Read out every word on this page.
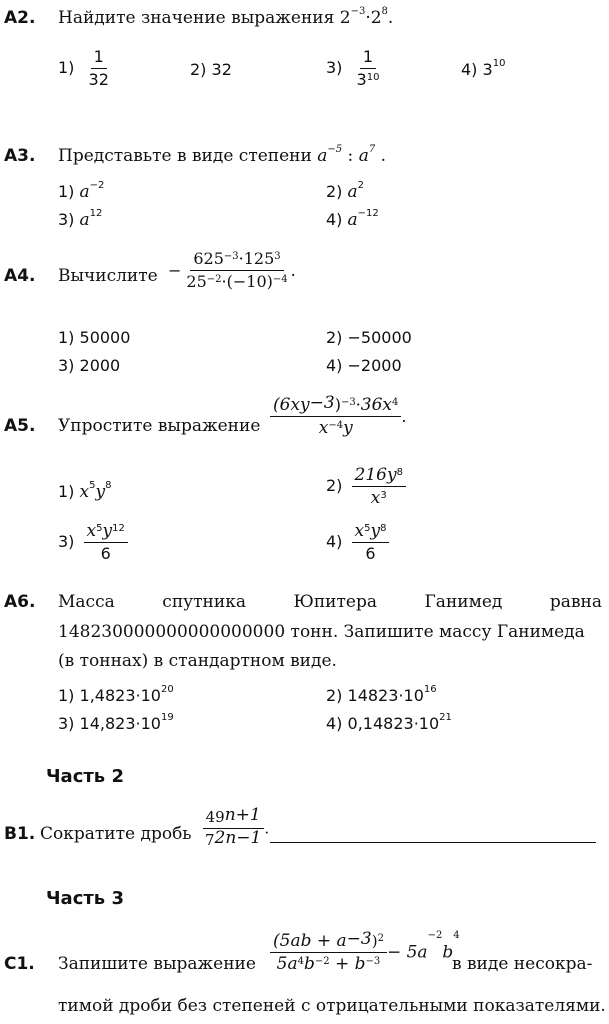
A2. Найдите значение выражения $2^{-3}\cdot 2^8$.
$1) \frac{1}{32}$	2) 32	$3) \frac{1}{3^{10}}$	4) $3^{10}$
A3. Представьте в виде степени $a^{-5}$ : $a^7$ .
1) $a^{-2}$	2) $a^2$
3) $a^{12}$	4) $a^{-12}$
A4. Вычислите − $\frac{625^{-3}\cdot 125^3}{25^{-2}\cdot(-10)^{-4}}$ .
1) 50000	2) −50000
3) 2000	4) −2000
A5. Упростите выражение $\frac{(6xy^{-3})^{-3}\cdot 36x^4}{x^{-4}y}$ .
1) $x^5y^8$	$2) \frac{216y^8}{x^3}$
$3) \frac{x^5y^{12}}{6}$	$4) \frac{x^5y^8}{6}$
A6. Масса	спутника	Юпитера	Ганимед	равна
148230000000000000000 тонн. Запишите массу Ганимеда
(в тоннах) в стандартном виде.
1) $1,4823\cdot 10^{20}$	2) $14823\cdot 10^{16}$
3) $14,823\cdot 10^{19}$	4) $0,14823\cdot 10^{21}$
Часть 2
В1. Сократите дробь $\frac{49^{n+1}}{7^{2n-1}}$ .
Часть 3
С1. Запишите выражение $\frac{(5ab + a^{-3})^2}{5a^4b^{-2} + b^{-3}} - 5a^{-2}b^4$
в виде несокра-
тимой дроби без степеней с отрицательными показателями.
